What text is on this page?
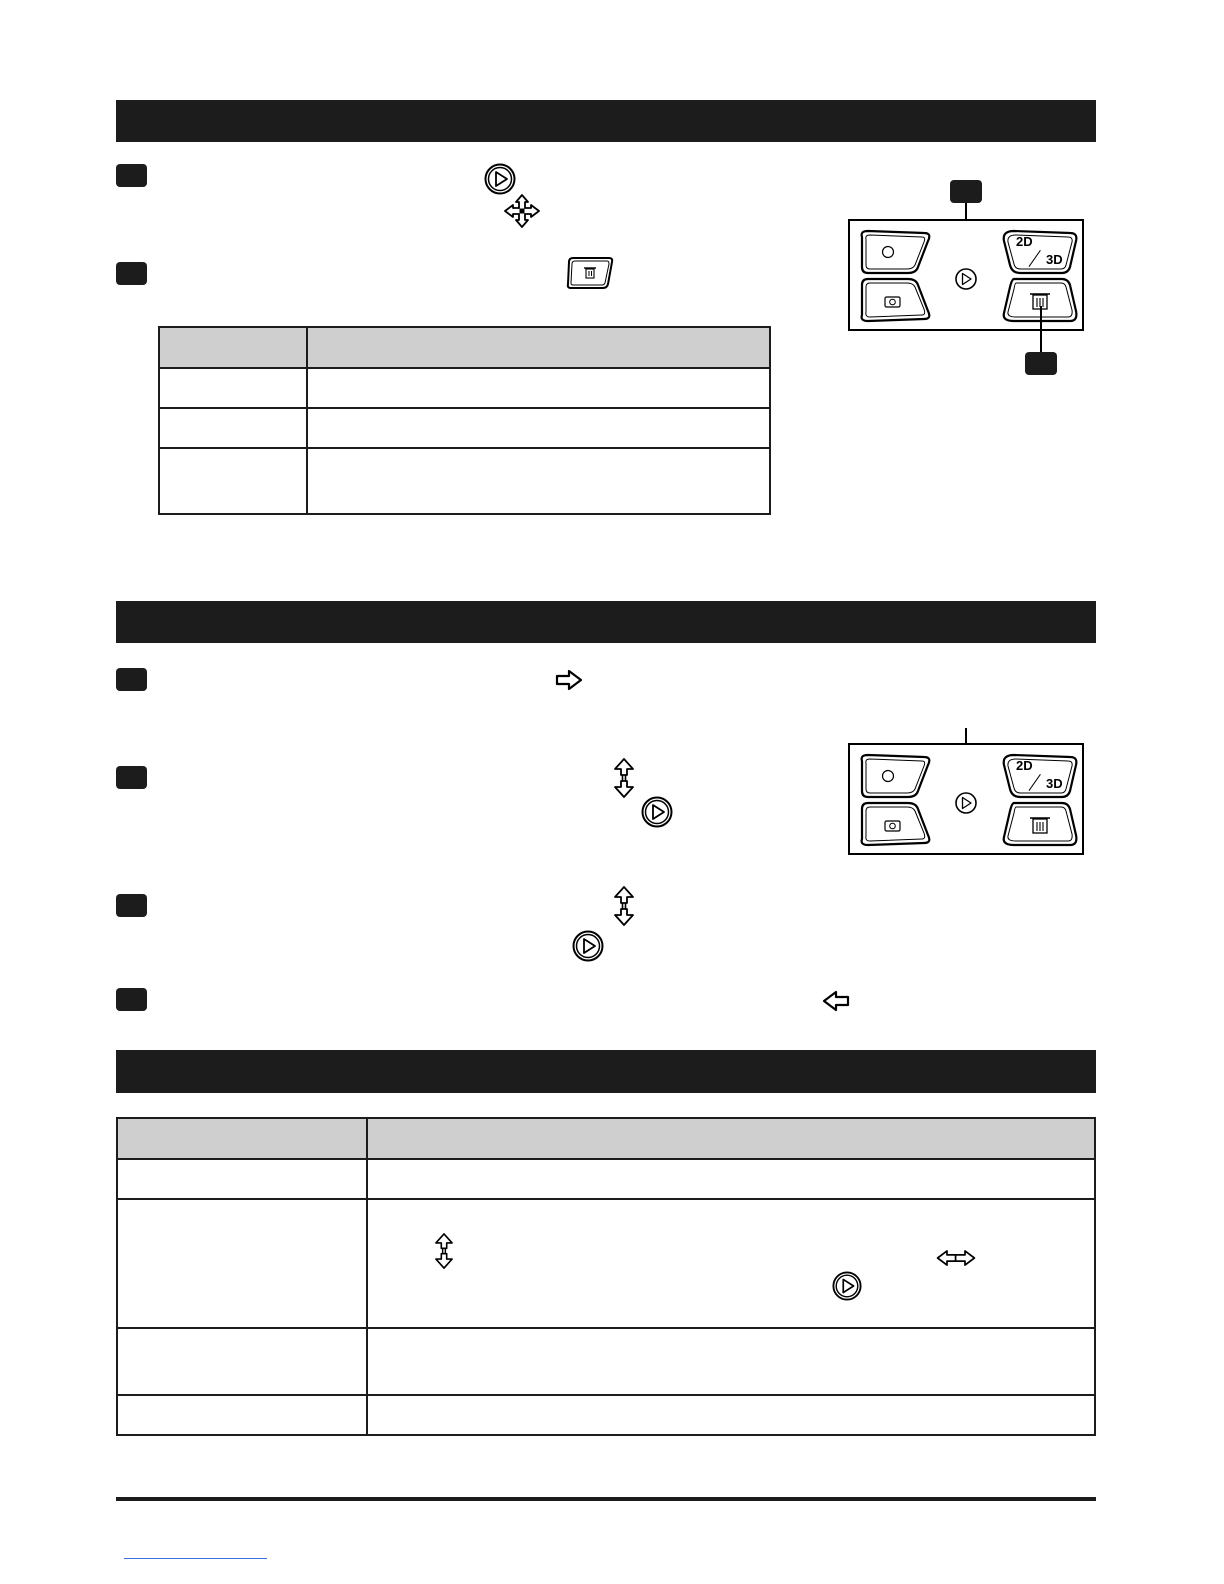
2D
3D
2D
3D
